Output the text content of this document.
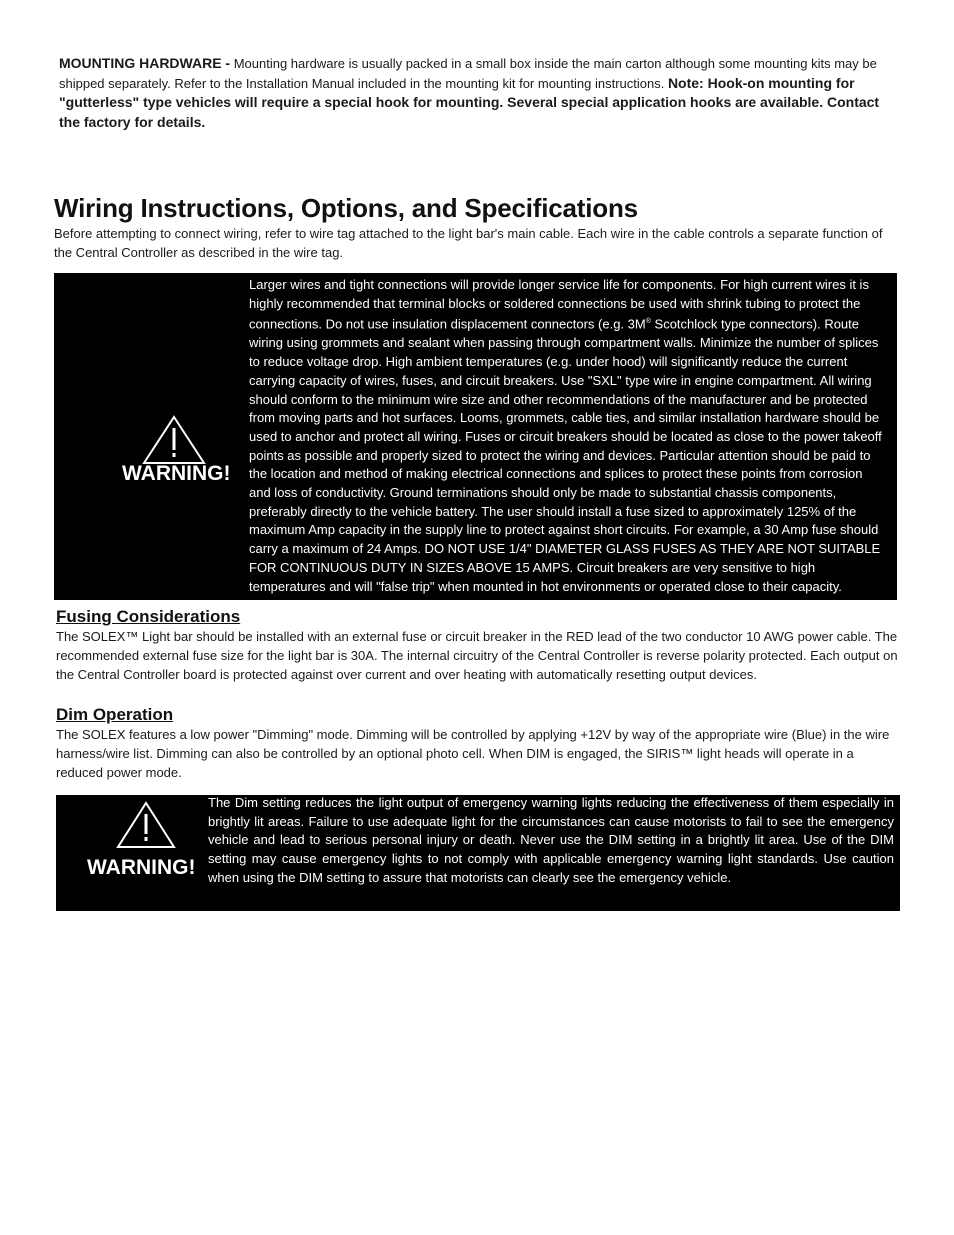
MOUNTING HARDWARE - Mounting hardware is usually packed in a small box inside the main carton although some mounting kits may be shipped separately. Refer to the Installation Manual included in the mounting kit for mounting instructions. Note: Hook-on mounting for "gutterless" type vehicles will require a special hook for mounting. Several special application hooks are available. Contact the factory for details.
Wiring Instructions, Options, and Specifications
Before attempting to connect wiring, refer to wire tag attached to the light bar's main cable. Each wire in the cable controls a separate function of the Central Controller as described in the wire tag.
WARNING!
Larger wires and tight connections will provide longer service life for components. For high current wires it is highly recommended that terminal blocks or soldered connections be used with shrink tubing to protect the connections. Do not use insulation displacement connectors (e.g. 3M® Scotchlock type connectors). Route wiring using grommets and sealant when passing through compartment walls. Minimize the number of splices to reduce voltage drop. High ambient temperatures (e.g. under hood) will significantly reduce the current carrying capacity of wires, fuses, and circuit breakers. Use "SXL" type wire in engine compartment. All wiring should conform to the minimum wire size and other recommendations of the manufacturer and be protected from moving parts and hot surfaces. Looms, grommets, cable ties, and similar installation hardware should be used to anchor and protect all wiring. Fuses or circuit breakers should be located as close to the power takeoff points as possible and properly sized to protect the wiring and devices. Particular attention should be paid to the location and method of making electrical connections and splices to protect these points from corrosion and loss of conductivity. Ground terminations should only be made to substantial chassis components, preferably directly to the vehicle battery. The user should install a fuse sized to approximately 125% of the maximum Amp capacity in the supply line to protect against short circuits. For example, a 30 Amp fuse should carry a maximum of 24 Amps. DO NOT USE 1/4" DIAMETER GLASS FUSES AS THEY ARE NOT SUITABLE FOR CONTINUOUS DUTY IN SIZES ABOVE 15 AMPS. Circuit breakers are very sensitive to high temperatures and will "false trip" when mounted in hot environments or operated close to their capacity.
Fusing Considerations
The SOLEX™ Light bar should be installed with an external fuse or circuit breaker in the RED lead of the two conductor 10 AWG power cable. The recommended external fuse size for the light bar is 30A. The internal circuitry of the Central Controller is reverse polarity protected. Each output on the Central Controller board is protected against over current and over heating with automatically resetting output devices.
Dim Operation
The SOLEX features a low power "Dimming" mode. Dimming will be controlled by applying +12V by way of the appropriate wire (Blue) in the wire harness/wire list. Dimming can also be controlled by an optional photo cell. When DIM is engaged, the SIRIS™ light heads will operate in a reduced power mode.
WARNING!
The Dim setting reduces the light output of emergency warning lights reducing the effectiveness of them especially in brightly lit areas. Failure to use adequate light for the circumstances can cause motorists to fail to see the emergency vehicle and lead to serious personal injury or death. Never use the DIM setting in a brightly lit area. Use of the DIM setting may cause emergency lights to not comply with applicable emergency warning light standards. Use caution when using the DIM setting to assure that motorists can clearly see the emergency vehicle.
